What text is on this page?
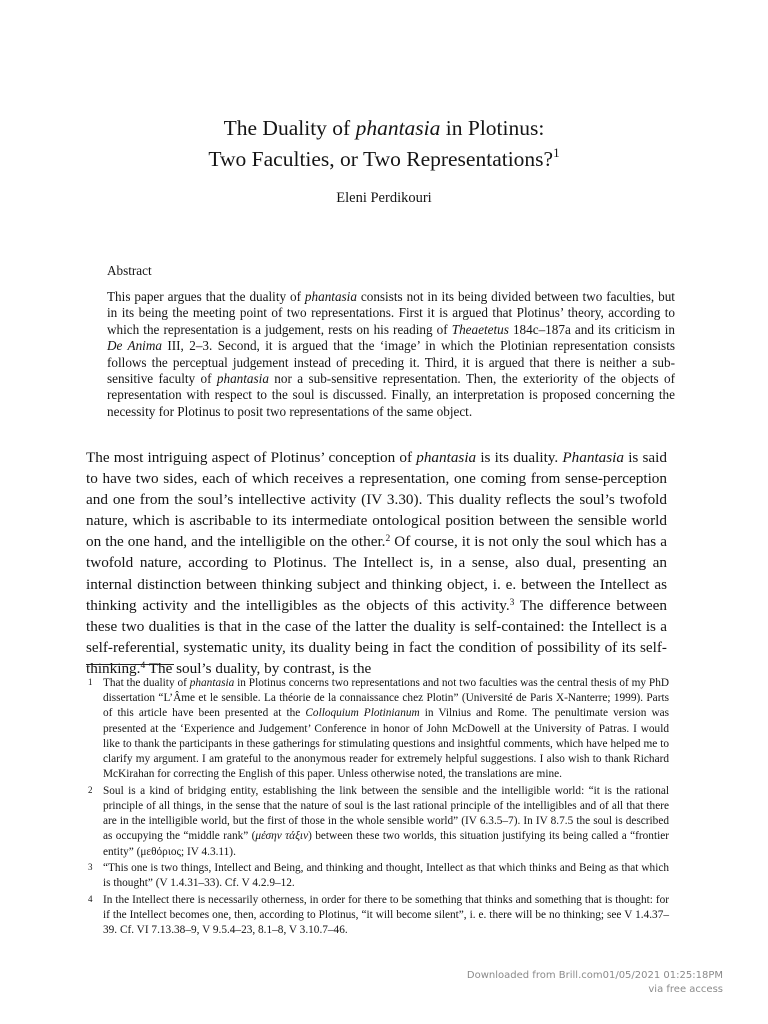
The Duality of phantasia in Plotinus:
Two Faculties, or Two Representations?$^1$
Eleni Perdikouri
Abstract
This paper argues that the duality of phantasia consists not in its being divided between two faculties, but in its being the meeting point of two representations. First it is argued that Plotinus’ theory, according to which the representation is a judgement, rests on his reading of Theaetetus 184c–187a and its criticism in De Anima III, 2–3. Second, it is argued that the ‘image’ in which the Plotinian representation consists follows the perceptual judgement instead of preceding it. Third, it is argued that there is neither a sub-sensitive faculty of phantasia nor a sub-sensitive representation. Then, the exteriority of the objects of representation with respect to the soul is discussed. Finally, an interpretation is proposed concerning the necessity for Plotinus to posit two representations of the same object.
The most intriguing aspect of Plotinus’ conception of phantasia is its duality. Phantasia is said to have two sides, each of which receives a representation, one coming from sense-perception and one from the soul’s intellective activity (IV 3.30). This duality reflects the soul’s twofold nature, which is ascribable to its intermediate ontological position between the sensible world on the one hand, and the intelligible on the other.$^2$ Of course, it is not only the soul which has a twofold nature, according to Plotinus. The Intellect is, in a sense, also dual, presenting an internal distinction between thinking subject and thinking object, i. e. between the Intellect as thinking activity and the intelligibles as the objects of this activity.$^3$ The difference between these two dualities is that in the case of the latter the duality is self-contained: the Intellect is a self-referential, systematic unity, its duality being in fact the condition of possibility of its self-thinking.$^4$ The soul’s duality, by contrast, is the
1 That the duality of phantasia in Plotinus concerns two representations and not two faculties was the central thesis of my PhD dissertation “L’Âme et le sensible. La théorie de la connaissance chez Plotin” (Université de Paris X-Nanterre; 1999). Parts of this article have been presented at the Colloquium Plotinianum in Vilnius and Rome. The penultimate version was presented at the ‘Experience and Judgement’ Conference in honor of John McDowell at the University of Patras. I would like to thank the participants in these gatherings for stimulating questions and insightful comments, which have helped me to clarify my argument. I am grateful to the anonymous reader for extremely helpful suggestions. I also wish to thank Richard McKirahan for correcting the English of this paper. Unless otherwise noted, the translations are mine.
2 Soul is a kind of bridging entity, establishing the link between the sensible and the intelligible world: “it is the rational principle of all things, in the sense that the nature of soul is the last rational principle of the intelligibles and of all that there are in the intelligible world, but the first of those in the whole sensible world” (IV 6.3.5–7). In IV 8.7.5 the soul is described as occupying the “middle rank” (μέσην τάξιν) between these two worlds, this situation justifying its being called a “frontier entity” (μεθόριος; IV 4.3.11).
3 “This one is two things, Intellect and Being, and thinking and thought, Intellect as that which thinks and Being as that which is thought” (V 1.4.31–33). Cf. V 4.2.9–12.
4 In the Intellect there is necessarily otherness, in order for there to be something that thinks and something that is thought: for if the Intellect becomes one, then, according to Plotinus, “it will become silent”, i. e. there will be no thinking; see V 1.4.37–39. Cf. VI 7.13.38–9, V 9.5.4–23, 8.1–8, V 3.10.7–46.
Downloaded from Brill.com01/05/2021 01:25:18PM
via free access
